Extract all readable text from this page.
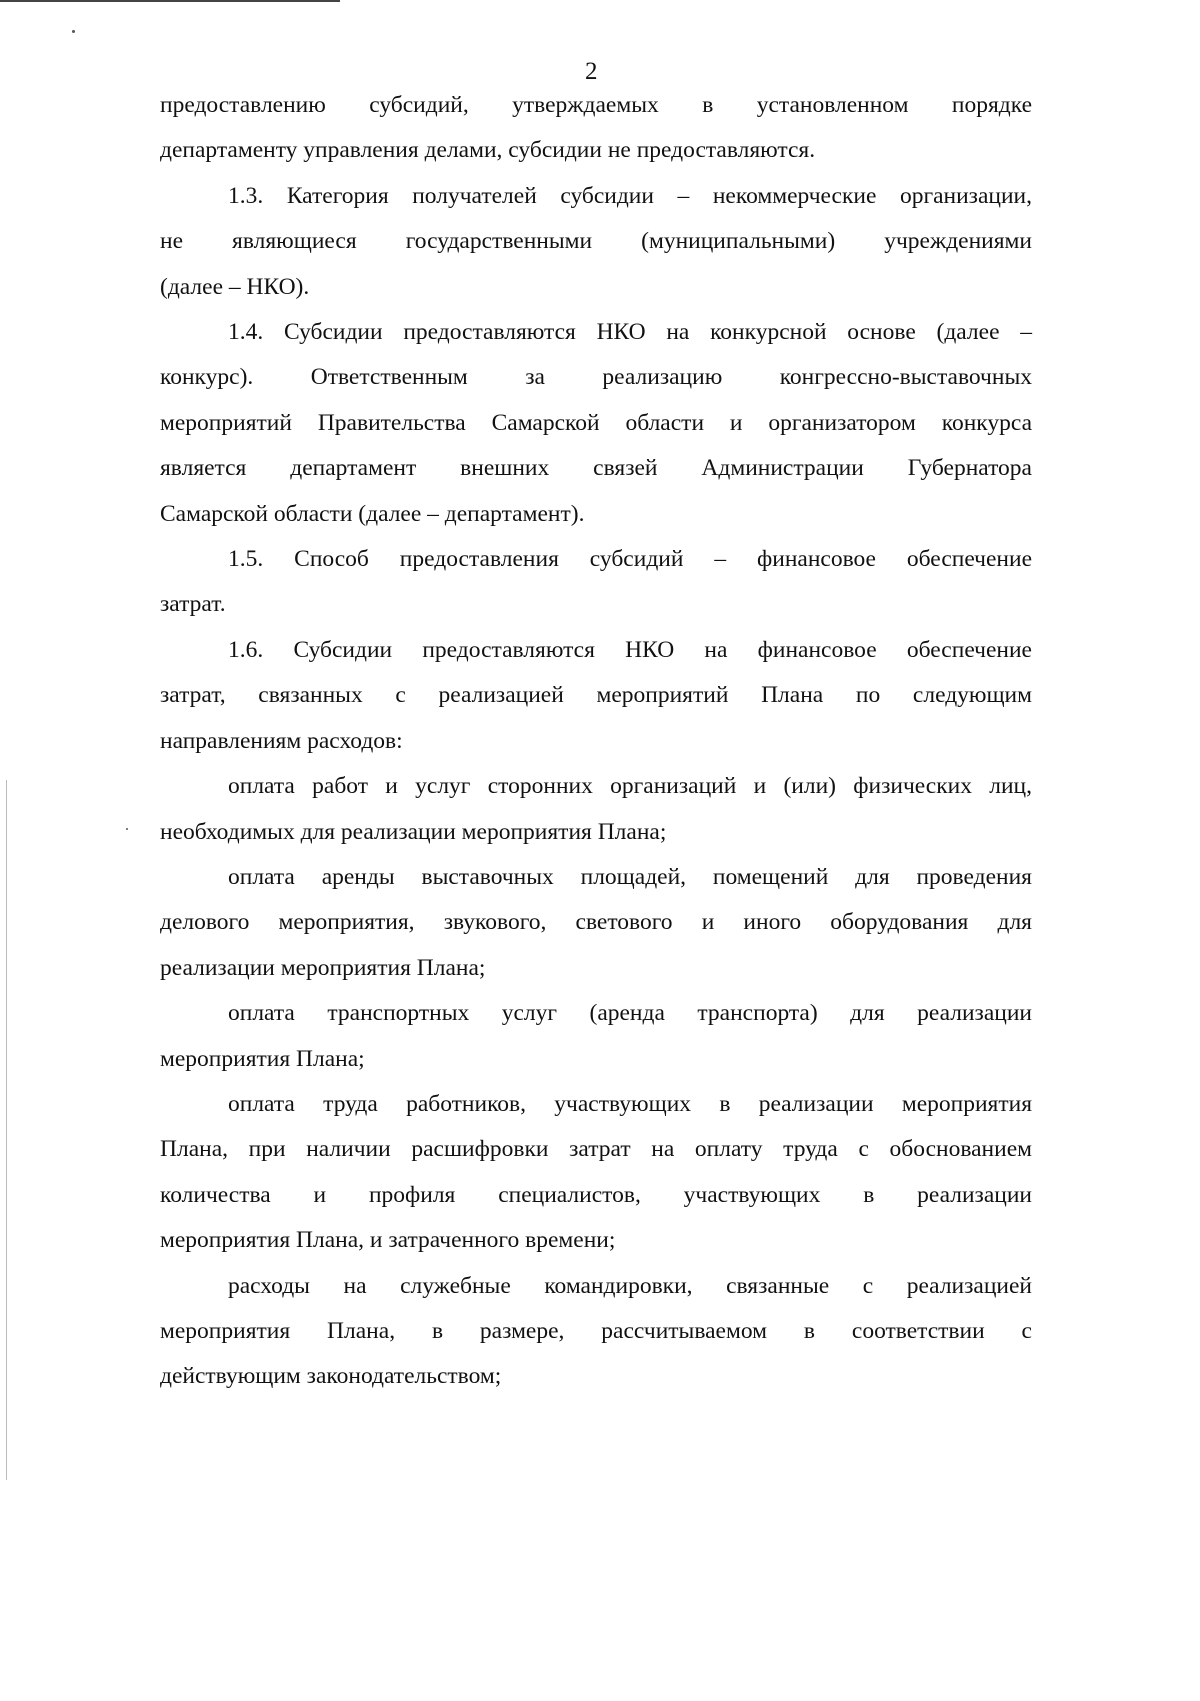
2
предоставлению субсидий, утверждаемых в установленном порядке
департаменту управления делами, субсидии не предоставляются.
1.3. Категория получателей субсидии – некоммерческие организации,
не являющиеся государственными (муниципальными) учреждениями
(далее – НКО).
1.4. Субсидии предоставляются НКО на конкурсной основе (далее –
конкурс). Ответственным за реализацию конгрессно-выставочных
мероприятий Правительства Самарской области и организатором конкурса
является департамент внешних связей Администрации Губернатора
Самарской области (далее – департамент).
1.5. Способ предоставления субсидий – финансовое обеспечение
затрат.
1.6. Субсидии предоставляются НКО на финансовое обеспечение
затрат, связанных с реализацией мероприятий Плана по следующим
направлениям расходов:
оплата работ и услуг сторонних организаций и (или) физических лиц,
необходимых для реализации мероприятия Плана;
оплата аренды выставочных площадей, помещений для проведения
делового мероприятия, звукового, светового и иного оборудования для
реализации мероприятия Плана;
оплата транспортных услуг (аренда транспорта) для реализации
мероприятия Плана;
оплата труда работников, участвующих в реализации мероприятия
Плана, при наличии расшифровки затрат на оплату труда с обоснованием
количества и профиля специалистов, участвующих в реализации
мероприятия Плана, и затраченного времени;
расходы на служебные командировки, связанные с реализацией
мероприятия Плана, в размере, рассчитываемом в соответствии с
действующим законодательством;
